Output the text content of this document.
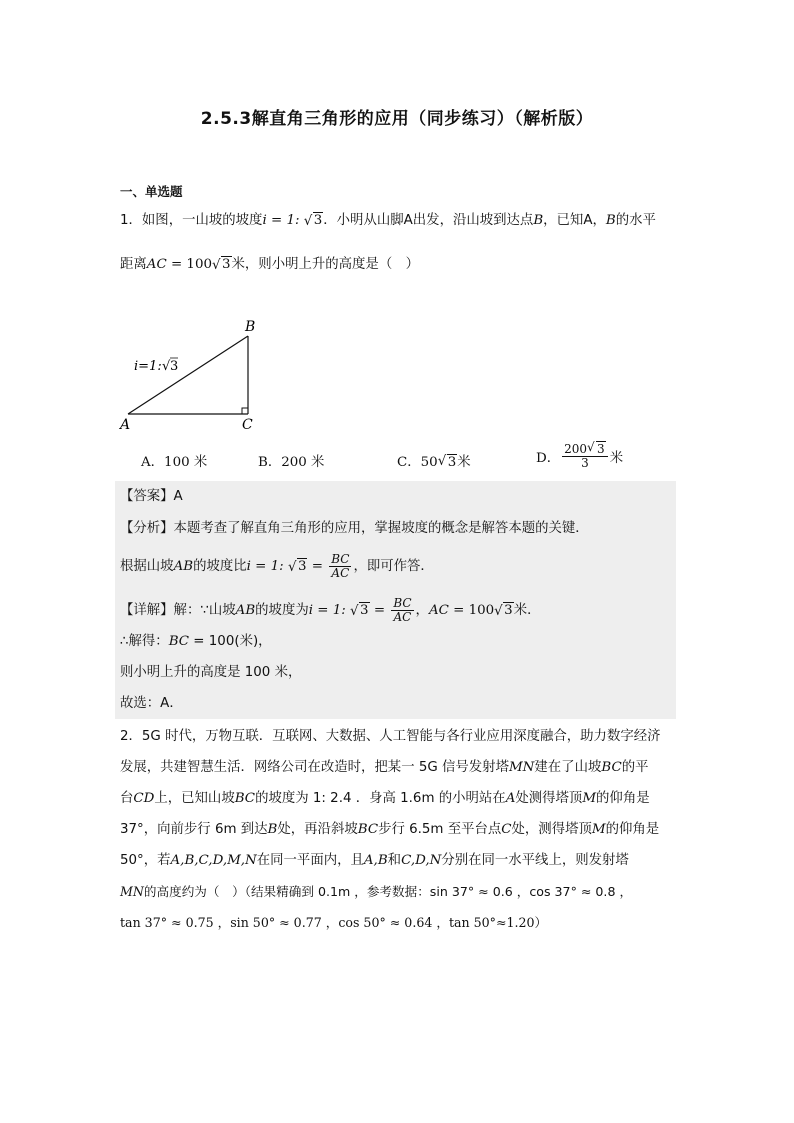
2.5.3解直角三角形的应用（同步练习）（解析版）
一、单选题
1．如图，一山坡的坡度i = 1: √ 3．小明从山脚A出发，沿山坡到达点B，已知A，B的水平
距离AC = 100 √ 3米，则小明上升的高度是（　）
B
A	C
i=1: √ 3
A．100 米	B．200 米	C．50 √ 3米	D． $\frac{200 √ 3}{3}$ 米
【答案】A
【分析】本题考查了解直角三角形的应用，掌握坡度的概念是解答本题的关键．
根据山坡AB的坡度比i = 1: √ $3 = \frac{BC}{AC}$ ，即可作答．
【详解】解：∵山坡AB的坡度为i = 1: √ $3 = \frac{BC}{AC}$ ，AC = 100 √ 3米．
∴解得：BC = 100(米)，
则小明上升的高度是 100 米，
故选：A．
2．5G 时代，万物互联．互联网、大数据、人工智能与各行业应用深度融合，助力数字经济
发展，共建智慧生活．网络公司在改造时，把某一 5G 信号发射塔MN建在了山坡BC的平
台CD上，已知山坡BC的坡度为 1: 2.4 ．身高 1.6m 的小明站在A处测得塔顶M的仰角是
37°，向前步行 6m 到达B处，再沿斜坡BC步行 6.5m 至平台点C处，测得塔顶M的仰角是
50°，若A,B,C,D,M,N在同一平面内，且A,B和C,D,N分别在同一水平线上，则发射塔
MN的高度约为（　）（结果精确到 0.1m ，参考数据：sin 37° ≈ 0.6 ，cos 37° ≈ 0.8 ，
tan 37° ≈ 0.75 ，sin 50° ≈ 0.77 ，cos 50° ≈ 0.64 ，tan 50°≈1.20）
